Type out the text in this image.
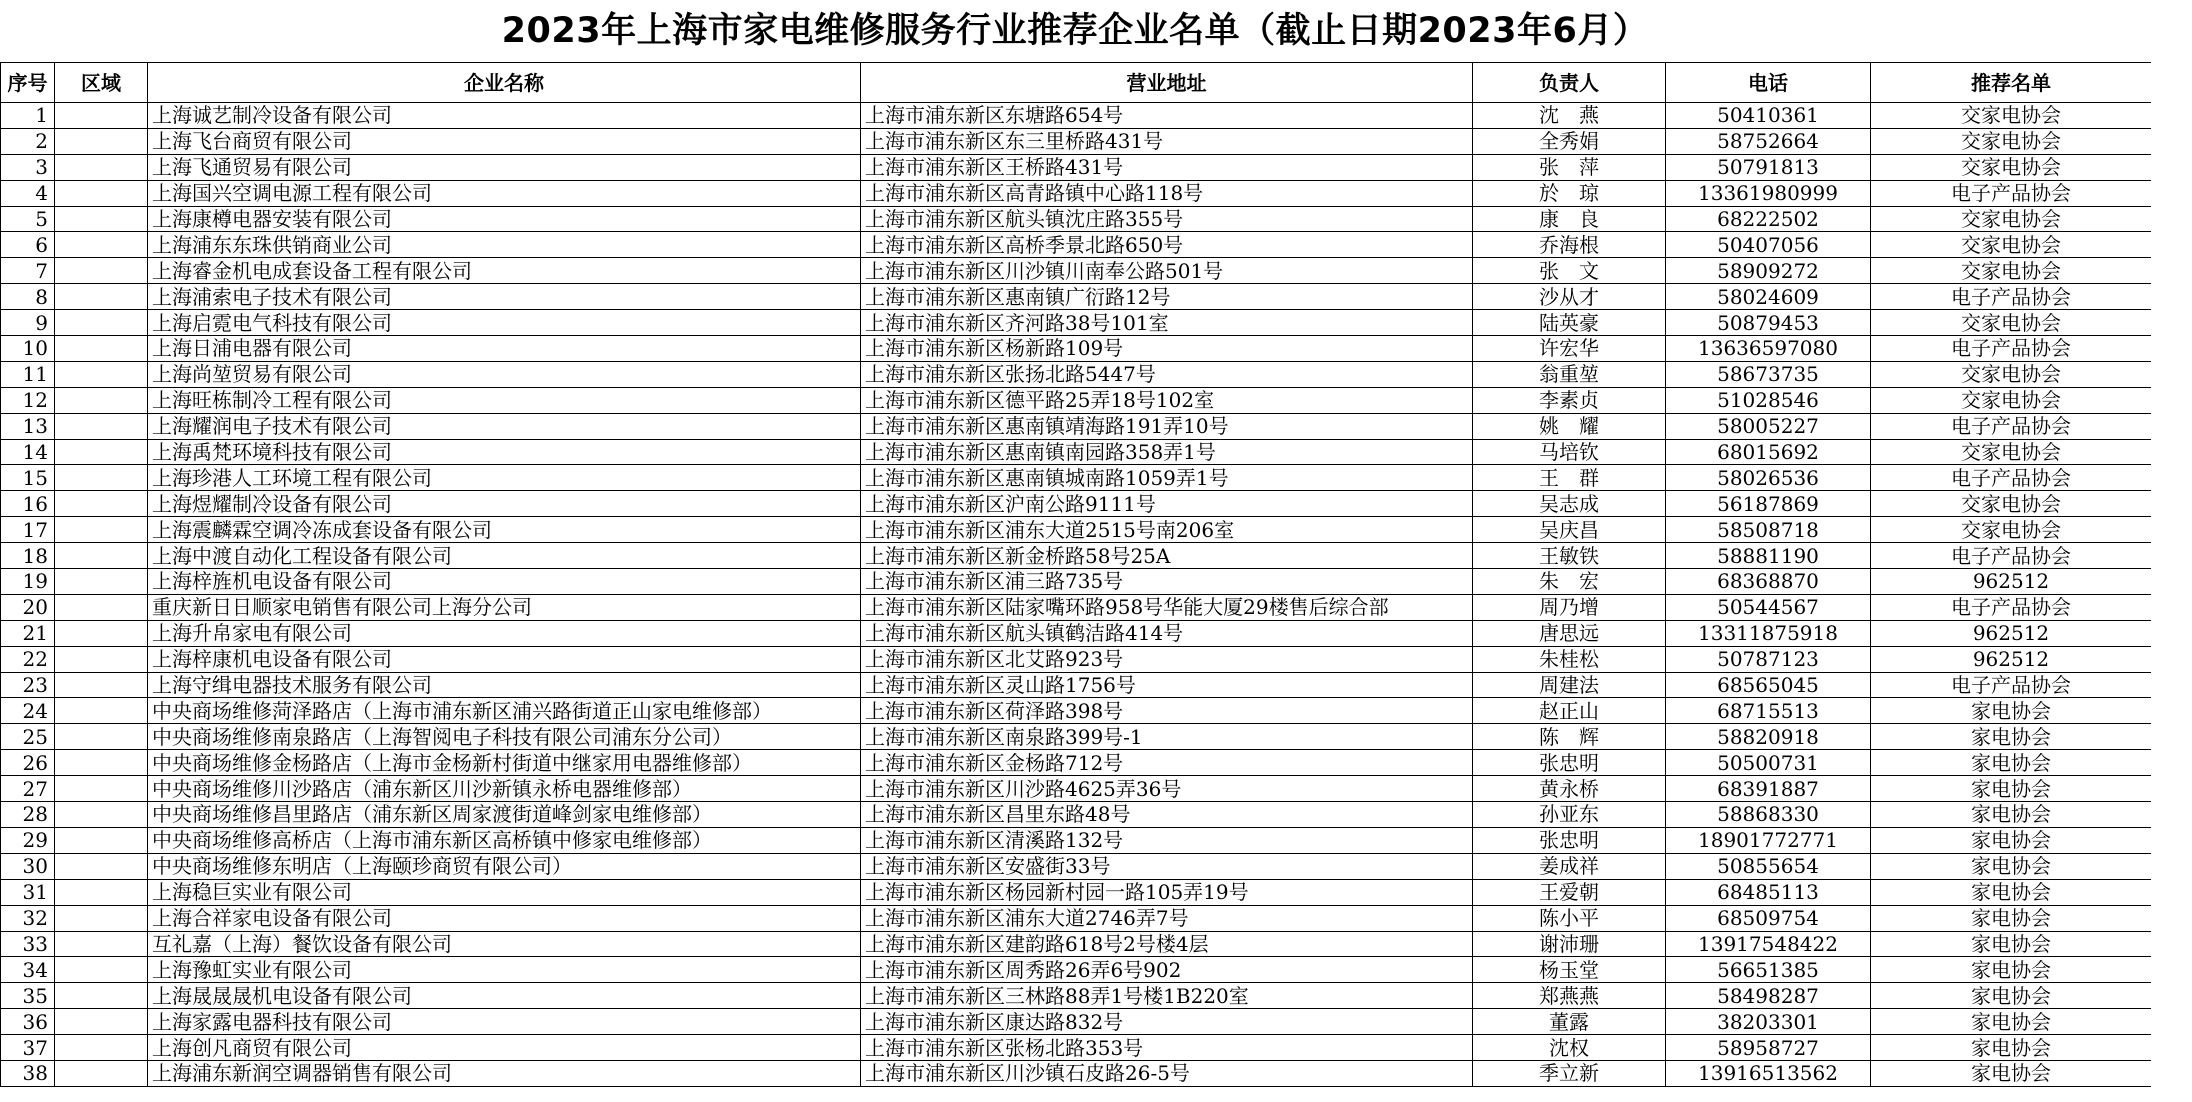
2023年上海市家电维修服务行业推荐企业名单（截止日期2023年6月）
序号	区域	企业名称	营业地址	负责人	电话	推荐名单
1		上海诚艺制冷设备有限公司	上海市浦东新区东塘路654号	沈　燕	50410361	交家电协会
2		上海飞台商贸有限公司	上海市浦东新区东三里桥路431号	全秀娟	58752664	交家电协会
3		上海飞通贸易有限公司	上海市浦东新区王桥路431号	张　萍	50791813	交家电协会
4		上海国兴空调电源工程有限公司	上海市浦东新区高青路镇中心路118号	於　琼	13361980999	电子产品协会
5		上海康樽电器安装有限公司	上海市浦东新区航头镇沈庄路355号	康　良	68222502	交家电协会
6		上海浦东东珠供销商业公司	上海市浦东新区高桥季景北路650号	乔海根	50407056	交家电协会
7		上海睿金机电成套设备工程有限公司	上海市浦东新区川沙镇川南奉公路501号	张　文	58909272	交家电协会
8		上海浦索电子技术有限公司	上海市浦东新区惠南镇广衍路12号	沙从才	58024609	电子产品协会
9		上海启霓电气科技有限公司	上海市浦东新区齐河路38号101室	陆英豪	50879453	交家电协会
10		上海日浦电器有限公司	上海市浦东新区杨新路109号	许宏华	13636597080	电子产品协会
11		上海尚堃贸易有限公司	上海市浦东新区张扬北路5447号	翁重堃	58673735	交家电协会
12		上海旺栋制冷工程有限公司	上海市浦东新区德平路25弄18号102室	李素贞	51028546	交家电协会
13		上海耀润电子技术有限公司	上海市浦东新区惠南镇靖海路191弄10号	姚　耀	58005227	电子产品协会
14		上海禹梵环境科技有限公司	上海市浦东新区惠南镇南园路358弄1号	马培钦	68015692	交家电协会
15		上海珍港人工环境工程有限公司	上海市浦东新区惠南镇城南路1059弄1号	王　群	58026536	电子产品协会
16		上海煜耀制冷设备有限公司	上海市浦东新区沪南公路9111号	吴志成	56187869	交家电协会
17		上海震麟霖空调冷冻成套设备有限公司	上海市浦东新区浦东大道2515号南206室	吴庆昌	58508718	交家电协会
18		上海中渡自动化工程设备有限公司	上海市浦东新区新金桥路58号25A	王敏铁	58881190	电子产品协会
19		上海梓旌机电设备有限公司	上海市浦东新区浦三路735号	朱　宏	68368870	962512
20		重庆新日日顺家电销售有限公司上海分公司	上海市浦东新区陆家嘴环路958号华能大厦29楼售后综合部	周乃增	50544567	电子产品协会
21		上海升帛家电有限公司	上海市浦东新区航头镇鹤洁路414号	唐思远	13311875918	962512
22		上海梓康机电设备有限公司	上海市浦东新区北艾路923号	朱桂松	50787123	962512
23		上海守缉电器技术服务有限公司	上海市浦东新区灵山路1756号	周建法	68565045	电子产品协会
24		中央商场维修菏泽路店（上海市浦东新区浦兴路街道正山家电维修部）	上海市浦东新区荷泽路398号	赵正山	68715513	家电协会
25		中央商场维修南泉路店（上海智阅电子科技有限公司浦东分公司）	上海市浦东新区南泉路399号-1	陈　辉	58820918	家电协会
26		中央商场维修金杨路店（上海市金杨新村街道中继家用电器维修部）	上海市浦东新区金杨路712号	张忠明	50500731	家电协会
27		中央商场维修川沙路店（浦东新区川沙新镇永桥电器维修部）	上海市浦东新区川沙路4625弄36号	黄永桥	68391887	家电协会
28		中央商场维修昌里路店（浦东新区周家渡街道峰剑家电维修部）	上海市浦东新区昌里东路48号	孙亚东	58868330	家电协会
29		中央商场维修高桥店（上海市浦东新区高桥镇中修家电维修部）	上海市浦东新区清溪路132号	张忠明	18901772771	家电协会
30		中央商场维修东明店（上海颐珍商贸有限公司）	上海市浦东新区安盛街33号	姜成祥	50855654	家电协会
31		上海稳巨实业有限公司	上海市浦东新区杨园新村园一路105弄19号	王爱朝	68485113	家电协会
32		上海合祥家电设备有限公司	上海市浦东新区浦东大道2746弄7号	陈小平	68509754	家电协会
33		互礼嘉（上海）餐饮设备有限公司	上海市浦东新区建韵路618号2号楼4层	谢沛珊	13917548422	家电协会
34		上海豫虹实业有限公司	上海市浦东新区周秀路26弄6号902	杨玉堂	56651385	家电协会
35		上海晟晟晟机电设备有限公司	上海市浦东新区三林路88弄1号楼1B220室	郑燕燕	58498287	家电协会
36		上海家露电器科技有限公司	上海市浦东新区康达路832号	董露	38203301	家电协会
37		上海创凡商贸有限公司	上海市浦东新区张杨北路353号	沈权	58958727	家电协会
38		上海浦东新润空调器销售有限公司	上海市浦东新区川沙镇石皮路26-5号	季立新	13916513562	家电协会
